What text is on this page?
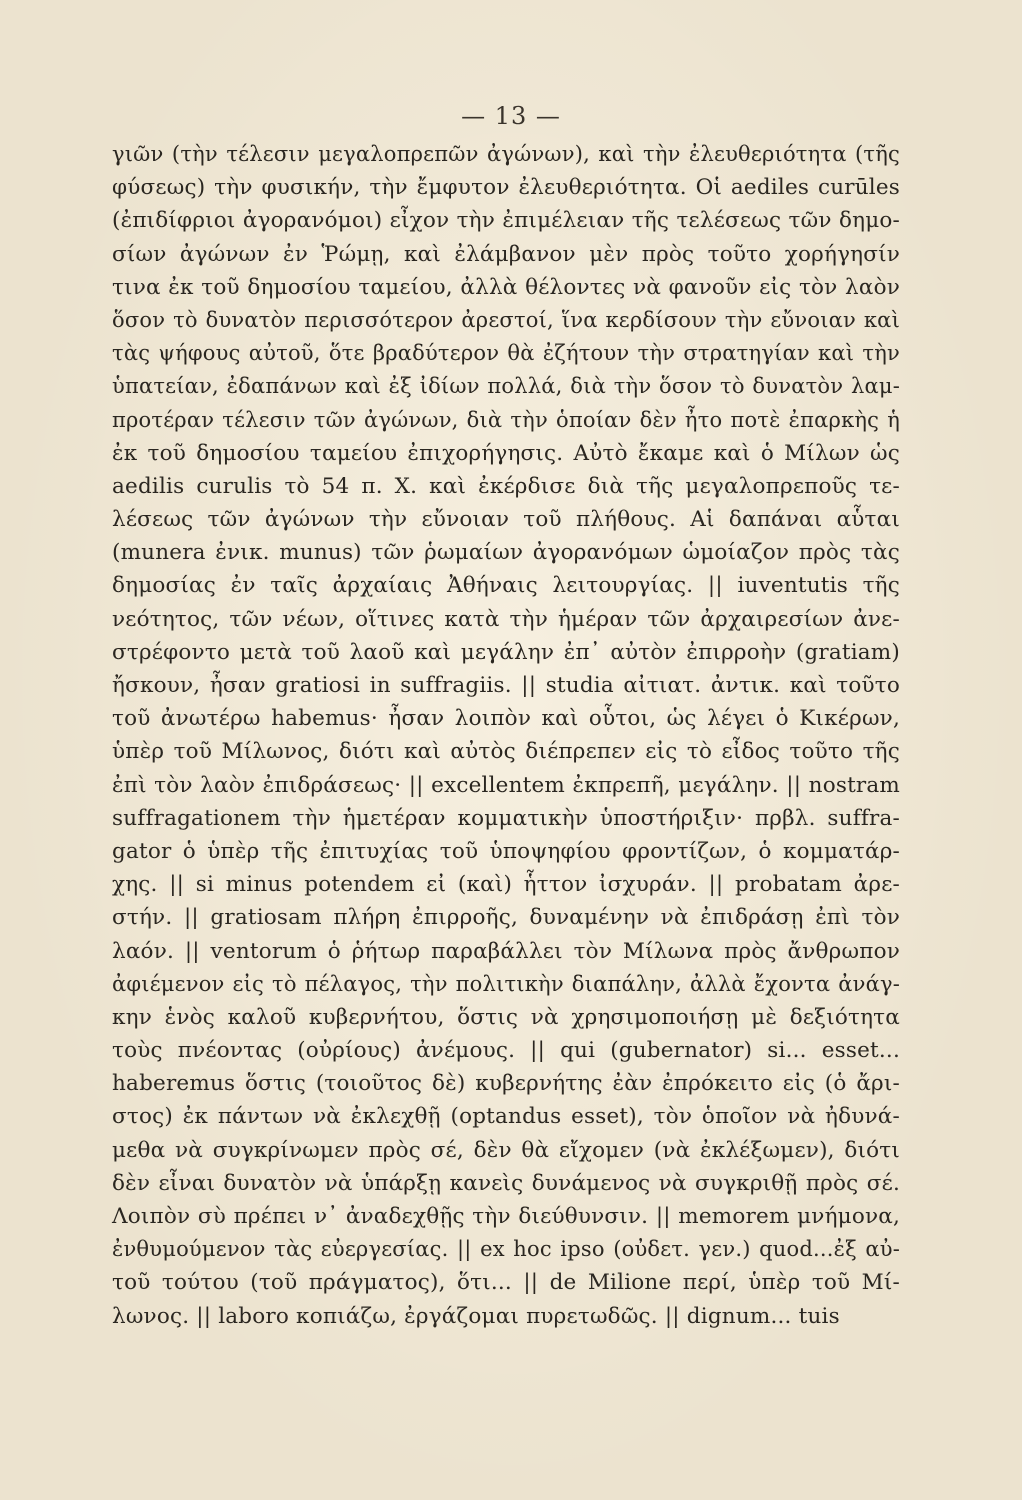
— 13 —
γιῶν (τὴν τέλεσιν μεγαλοπρεπῶν ἀγώνων), καὶ τὴν ἐλευθεριότητα (τῆς
φύσεως) τὴν φυσικήν, τὴν ἔμφυτον ἐλευθεριότητα. Οἱ aediles curūles
(ἐπιδίφριοι ἀγορανόμοι) εἶχον τὴν ἐπιμέλειαν τῆς τελέσεως τῶν δημο-
σίων ἀγώνων ἐν Ῥώμῃ, καὶ ἐλάμβανον μὲν πρὸς τοῦτο χορήγησίν
τινα ἐκ τοῦ δημοσίου ταμείου, ἀλλὰ θέλοντες νὰ φανοῦν εἰς τὸν λαὸν
ὅσον τὸ δυνατὸν περισσότερον ἀρεστοί, ἵνα κερδίσουν τὴν εὔνοιαν καὶ
τὰς ψήφους αὐτοῦ, ὅτε βραδύτερον θὰ ἐζήτουν τὴν στρατηγίαν καὶ τὴν
ὑπατείαν, ἐδαπάνων καὶ ἐξ ἰδίων πολλά, διὰ τὴν ὅσον τὸ δυνατὸν λαμ-
προτέραν τέλεσιν τῶν ἀγώνων, διὰ τὴν ὁποίαν δὲν ἦτο ποτὲ ἐπαρκὴς ἡ
ἐκ τοῦ δημοσίου ταμείου ἐπιχορήγησις. Αὐτὸ ἔκαμε καὶ ὁ Μίλων ὡς
aedilis curulis τὸ 54 π. Χ. καὶ ἐκέρδισε διὰ τῆς μεγαλοπρεποῦς τε-
λέσεως τῶν ἀγώνων τὴν εὔνοιαν τοῦ πλήθους. Αἱ δαπάναι αὗται
(munera ἐνικ. munus) τῶν ῥωμαίων ἀγορανόμων ὡμοίαζον πρὸς τὰς
δημοσίας ἐν ταῖς ἀρχαίαις Ἀθήναις λειτουργίας. || iuventutis τῆς
νεότητος, τῶν νέων, οἵτινες κατὰ τὴν ἡμέραν τῶν ἀρχαιρεσίων ἀνε-
στρέφοντο μετὰ τοῦ λαοῦ καὶ μεγάλην ἐπ᾽ αὐτὸν ἐπιρροὴν (gratiam)
ἤσκουν, ἦσαν gratiosi in suffragiis. || studia αἰτιατ. ἀντικ. καὶ τοῦτο
τοῦ ἀνωτέρω habemus· ἦσαν λοιπὸν καὶ οὗτοι, ὡς λέγει ὁ Κικέρων,
ὑπὲρ τοῦ Μίλωνος, διότι καὶ αὐτὸς διέπρεπεν εἰς τὸ εἶδος τοῦτο τῆς
ἐπὶ τὸν λαὸν ἐπιδράσεως· || excellentem ἐκπρεπῆ, μεγάλην. || nostram
suffragationem τὴν ἡμετέραν κομματικὴν ὑποστήριξιν· πρβλ. suffra-
gator ὁ ὑπὲρ τῆς ἐπιτυχίας τοῦ ὑποψηφίου φροντίζων, ὁ κομματάρ-
χης. || si minus potendem εἰ (καὶ) ἧττον ἰσχυράν. || probatam ἀρε-
στήν. || gratiosam πλήρη ἐπιρροῆς, δυναμένην νὰ ἐπιδράσῃ ἐπὶ τὸν
λαόν. || ventorum ὁ ῥήτωρ παραβάλλει τὸν Μίλωνα πρὸς ἄνθρωπον
ἀφιέμενον εἰς τὸ πέλαγος, τὴν πολιτικὴν διαπάλην, ἀλλὰ ἔχοντα ἀνάγ-
κην ἑνὸς καλοῦ κυβερνήτου, ὅστις νὰ χρησιμοποιήσῃ μὲ δεξιότητα
τοὺς πνέοντας (οὐρίους) ἀνέμους. || qui (gubernator) si... esset...
haberemus ὅστις (τοιοῦτος δὲ) κυβερνήτης ἐὰν ἐπρόκειτο εἰς (ὁ ἄρι-
στος) ἐκ πάντων νὰ ἐκλεχθῇ (optandus esset), τὸν ὁποῖον νὰ ἠδυνά-
μεθα νὰ συγκρίνωμεν πρὸς σέ, δὲν θὰ εἴχομεν (νὰ ἐκλέξωμεν), διότι
δὲν εἶναι δυνατὸν νὰ ὑπάρξῃ κανεὶς δυνάμενος νὰ συγκριθῇ πρὸς σέ.
Λοιπὸν σὺ πρέπει ν᾽ ἀναδεχθῇς τὴν διεύθυνσιν. || memorem μνήμονα,
ἐνθυμούμενον τὰς εὐεργεσίας. || ex hoc ipso (οὐδετ. γεν.) quod...ἐξ αὐ-
τοῦ τούτου (τοῦ πράγματος), ὅτι... || de Milione περί, ὑπὲρ τοῦ Μί-
λωνος. || laboro κοπιάζω, ἐργάζομαι πυρετωδῶς. || dignum... tuis
